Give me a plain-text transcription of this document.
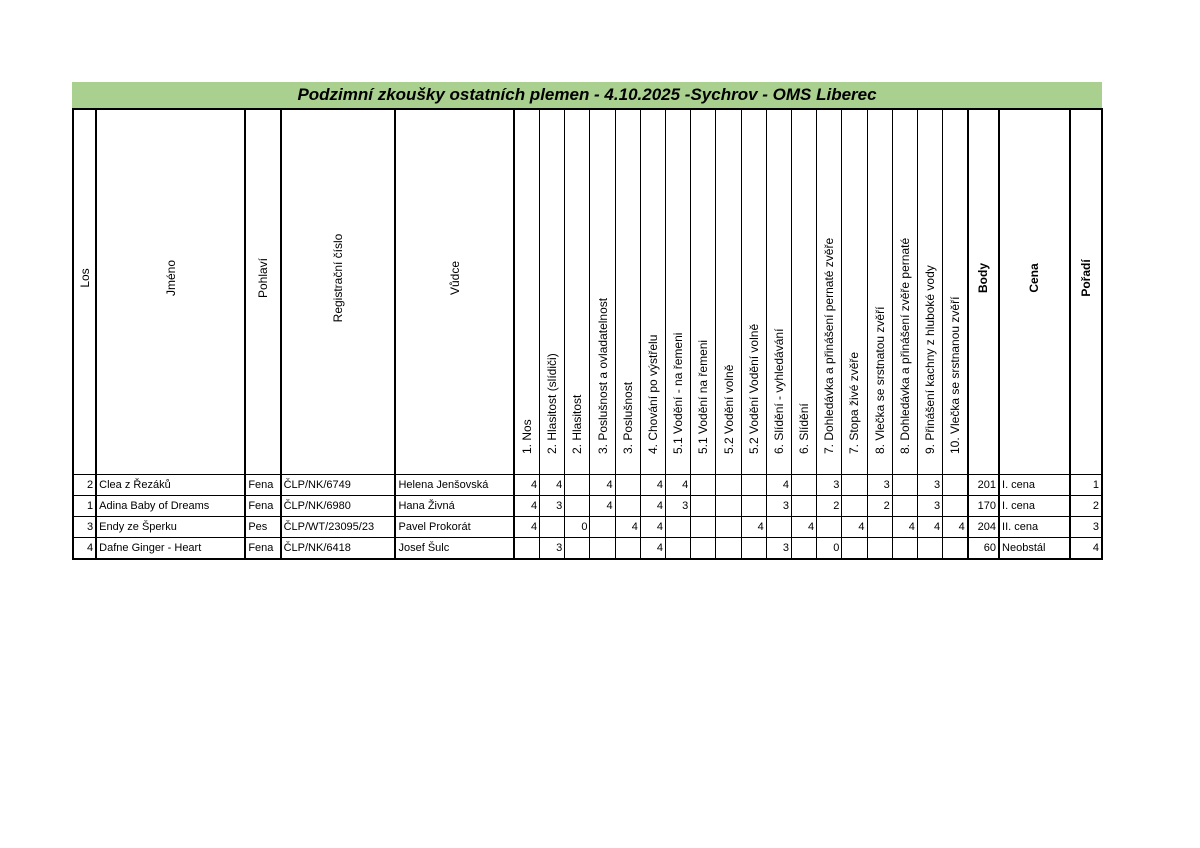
Podzimní zkoušky ostatních plemen - 4.10.2025 -Sychrov - OMS Liberec
Los	Jméno	Pohlaví	Registrační číslo	Vůdce	1. Nos	2. Hlasitost (slídiči)	2. Hlasitost	3. Poslušnost a ovladatelnost	3. Poslušnost	4. Chování po výstřelu	5.1 Vodění - na řemeni	5.1 Vodění na řemeni	5.2 Vodění volně	5.2 Vodění Vodění volně	6. Slídění - vyhledávání	6. Slídění	7. Dohledávka a přinášení pernaté zvěře	7. Stopa živé zvěře	8. Vlečka se srstnatou zvěří	8. Dohledávka a přinášení zvěře pernaté	9. Přinášení kachny z hluboké vody	10. Vlečka se srstnanou zvěří	Body	Cena	Pořadí

2	Clea z Řezáků	Fena	ČLP/NK/6749	Helena Jenšovská	4	4		4		4	4				4		3		3		3		201	I. cena	1
1	Adina Baby of Dreams	Fena	ČLP/NK/6980	Hana Živná	4	3		4		4	3				3		2		2		3		170	I. cena	2
3	Endy ze Šperku	Pes	ČLP/WT/23095/23	Pavel Prokorát	4		0		4	4				4		4		4		4	4	4	204	II. cena	3
4	Dafne Ginger - Heart	Fena	ČLP/NK/6418	Josef Šulc		3				4					3		0						60	Neobstál	4
